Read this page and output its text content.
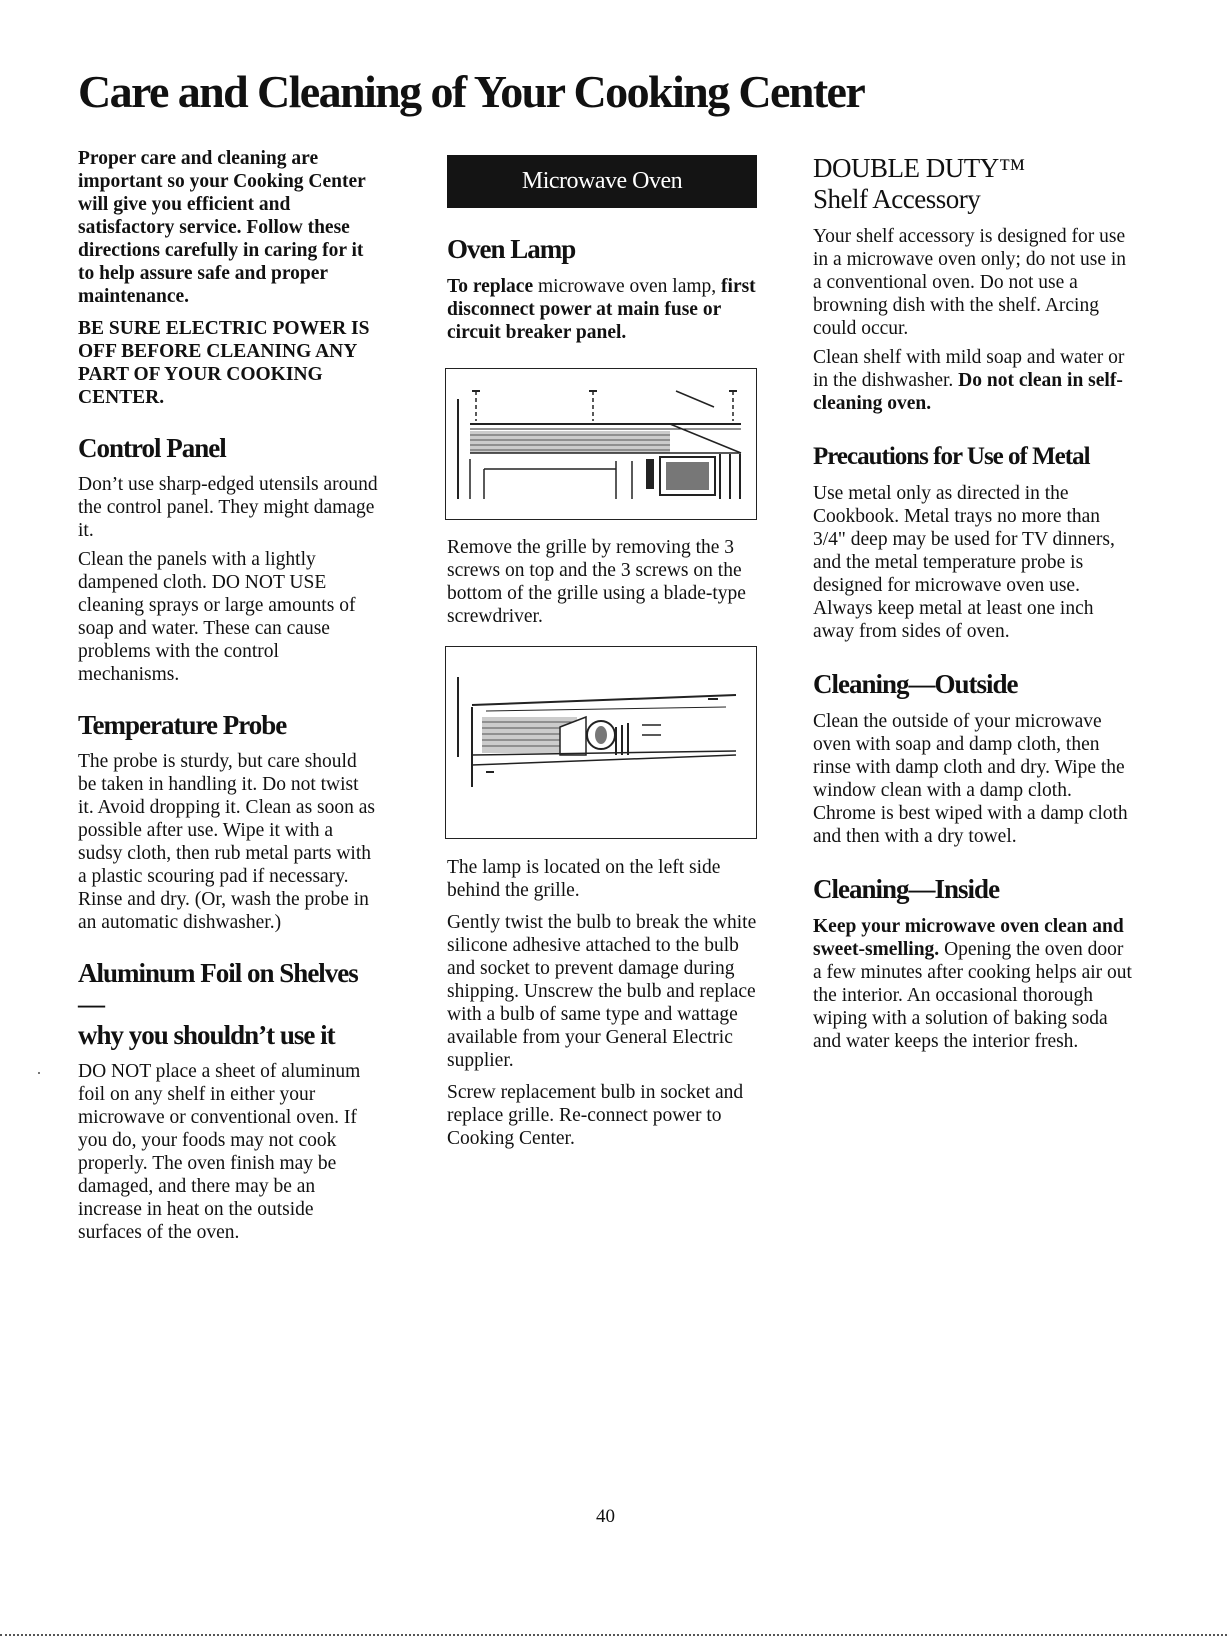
Care and Cleaning of Your Cooking Center

Proper care and cleaning are important so your Cooking Center will give you efficient and satisfactory service. Follow these directions carefully in caring for it to help assure safe and proper maintenance.

BE SURE ELECTRIC POWER IS OFF BEFORE CLEANING ANY PART OF YOUR COOKING CENTER.

Control Panel

Don’t use sharp-edged utensils around the control panel. They might damage it.

Clean the panels with a lightly dampened cloth. DO NOT USE cleaning sprays or large amounts of soap and water. These can cause problems with the control mechanisms.

Temperature Probe

The probe is sturdy, but care should be taken in handling it. Do not twist it. Avoid dropping it. Clean as soon as possible after use. Wipe it with a sudsy cloth, then rub metal parts with a plastic scouring pad if necessary. Rinse and dry. (Or, wash the probe in an automatic dishwasher.)

Aluminum Foil on Shelves—
why you shouldn’t use it

DO NOT place a sheet of aluminum foil on any shelf in either your microwave or conventional oven. If you do, your foods may not cook properly. The oven finish may be damaged, and there may be an increase in heat on the outside surfaces of the oven.

Microwave Oven
Oven Lamp

To replace microwave oven lamp, first disconnect power at main fuse or circuit breaker panel.

Remove the grille by removing the 3 screws on top and the 3 screws on the bottom of the grille using a blade-type screwdriver.

The lamp is located on the left side behind the grille.

Gently twist the bulb to break the white silicone adhesive attached to the bulb and socket to prevent damage during shipping. Unscrew the bulb and replace with a bulb of same type and wattage available from your General Electric supplier.

Screw replacement bulb in socket and replace grille. Re-connect power to Cooking Center.

DOUBLE DUTY™
Shelf Accessory

Your shelf accessory is designed for use in a microwave oven only; do not use in a conventional oven. Do not use a browning dish with the shelf. Arcing could occur.

Clean shelf with mild soap and water or in the dishwasher. Do not clean in self-cleaning oven.

Precautions for Use of Metal

Use metal only as directed in the Cookbook. Metal trays no more than 3/4" deep may be used for TV dinners, and the metal temperature probe is designed for microwave oven use. Always keep metal at least one inch away from sides of oven.

Cleaning—Outside

Clean the outside of your microwave oven with soap and damp cloth, then rinse with damp cloth and dry. Wipe the window clean with a damp cloth. Chrome is best wiped with a damp cloth and then with a dry towel.

Cleaning—Inside

Keep your microwave oven clean and sweet-smelling. Opening the oven door a few minutes after cooking helps air out the interior. An occasional thorough wiping with a solution of baking soda and water keeps the interior fresh.

40
